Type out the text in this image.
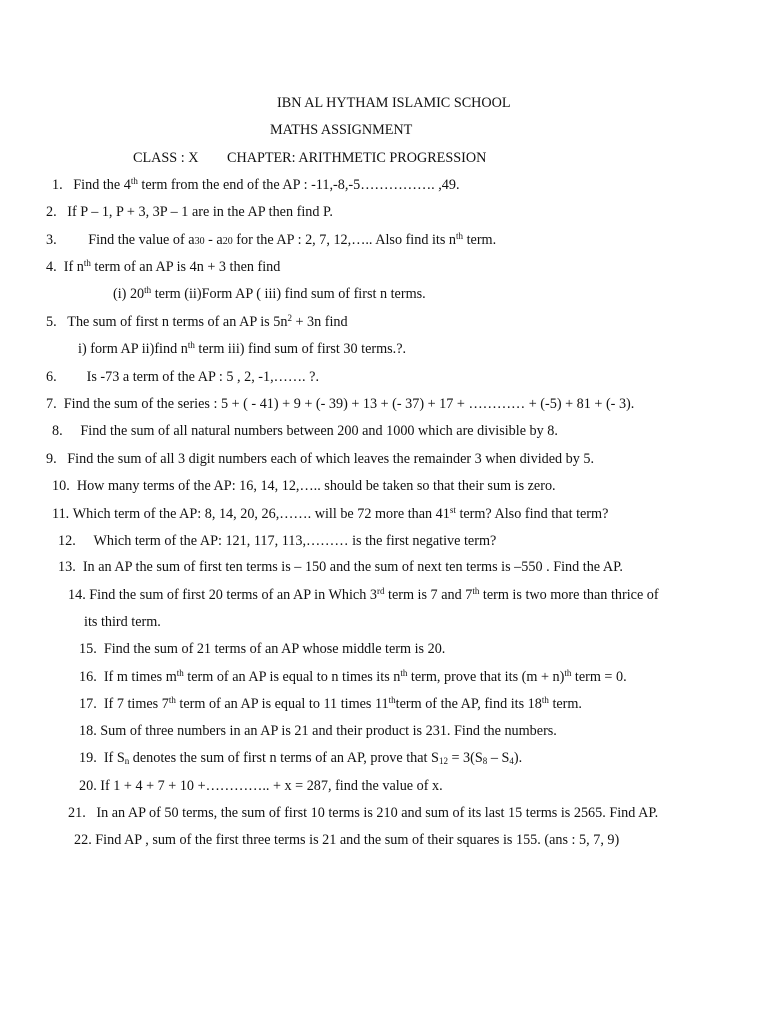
IBN AL HYTHAM ISLAMIC SCHOOL
MATHS ASSIGNMENT
CLASS : X CHAPTER: ARITHMETIC PROGRESSION
1. Find the 4th term from the end of the AP : -11,-8,-5……………. ,49.
2. If P – 1, P + 3, 3P – 1 are in the AP then find P.
3. Find the value of a30 - a20 for the AP : 2, 7, 12,….. Also find its $n^{th}$ term.
4. If $n^{th}$ term of an AP is 4n + 3 then find
(i) 20th term (ii)Form AP ( iii) find sum of first n terms.
5. The sum of first n terms of an AP is $5n^2 + 3n$ find
i) form AP ii)find $n^{th}$ term iii) find sum of first 30 terms.?.
6. Is -73 a term of the AP : 5 , 2, -1,……. ?.
7. Find the sum of the series : 5 + ( - 41) + 9 + (- 39) + 13 + (- 37) + 17 + ………… + (-5) + 81 + (- 3).
8. Find the sum of all natural numbers between 200 and 1000 which are divisible by 8.
9. Find the sum of all 3 digit numbers each of which leaves the remainder 3 when divided by 5.
10. How many terms of the AP: 16, 14, 12,….. should be taken so that their sum is zero.
11. Which term of the AP: 8, 14, 20, 26,……. will be 72 more than 41st term? Also find that term?
12. Which term of the AP: 121, 117, 113,……… is the first negative term?
13. In an AP the sum of first ten terms is – 150 and the sum of next ten terms is –550 . Find the AP.
14. Find the sum of first 20 terms of an AP in Which 3rd term is 7 and 7th term is two more than thrice of
its third term.
15. Find the sum of 21 terms of an AP whose middle term is 20.
16. If m times $m^{th}$ term of an AP is equal to n times its $n^{th}$ term, prove that its $(m + n)^{th}$ term = 0.
17. If 7 times 7th term of an AP is equal to 11 times 11thterm of the AP, find its 18th term.
18. Sum of three numbers in an AP is 21 and their product is 231. Find the numbers.
19. If $S_n$ denotes the sum of first n terms of an AP, prove that $S_{12} = 3(S_8 - S_4)$.
20. If 1 + 4 + 7 + 10 +………….. + x = 287, find the value of x.
21. In an AP of 50 terms, the sum of first 10 terms is 210 and sum of its last 15 terms is 2565. Find AP.
22. Find AP , sum of the first three terms is 21 and the sum of their squares is 155. (ans : 5, 7, 9)
